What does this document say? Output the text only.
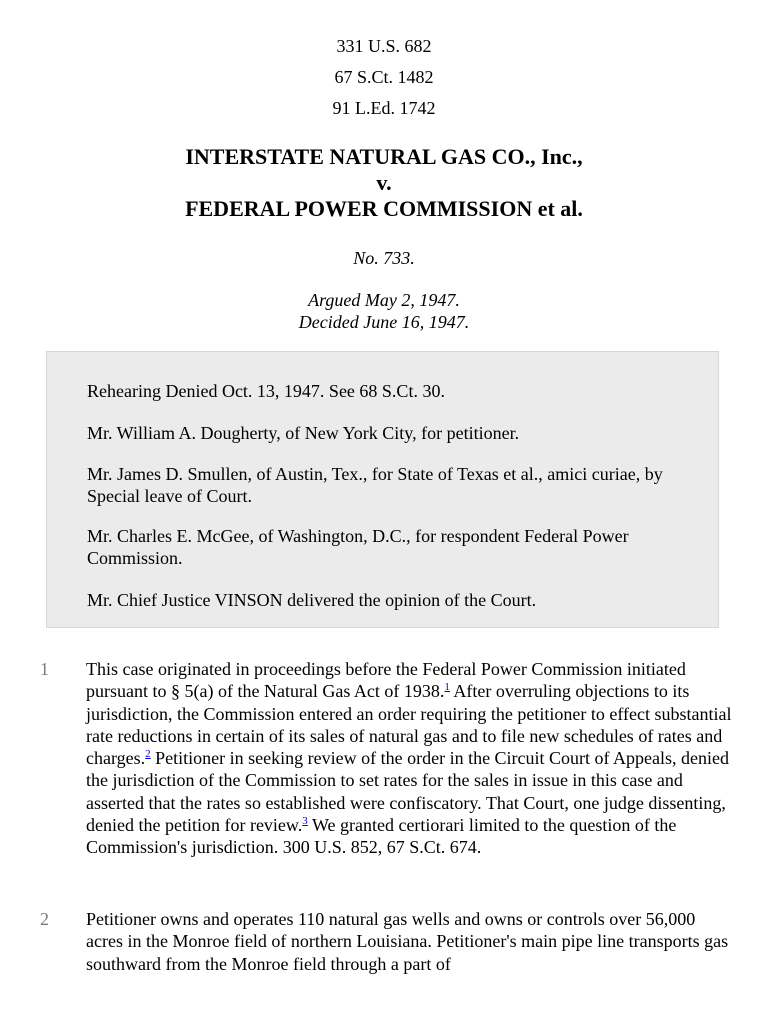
331 U.S. 682
67 S.Ct. 1482
91 L.Ed. 1742
INTERSTATE NATURAL GAS CO., Inc.,
v.
FEDERAL POWER COMMISSION et al.
No. 733.
Argued May 2, 1947.
Decided June 16, 1947.

Rehearing Denied Oct. 13, 1947. See 68 S.Ct. 30.

Mr. William A. Dougherty, of New York City, for petitioner.

Mr. James D. Smullen, of Austin, Tex., for State of Texas et al., amici curiae, by Special leave of Court.

Mr. Charles E. McGee, of Washington, D.C., for respondent Federal Power Commission.

Mr. Chief Justice VINSON delivered the opinion of the Court.

1	This case originated in proceedings before the Federal Power Commission initiated pursuant to § 5(a) of the Natural Gas Act of 1938.$^1$ After overruling objections to its jurisdiction, the Commission entered an order requiring the petitioner to effect substantial rate reductions in certain of its sales of natural gas and to file new schedules of rates and charges.$^2$ Petitioner in seeking review of the order in the Circuit Court of Appeals, denied the jurisdiction of the Commission to set rates for the sales in issue in this case and asserted that the rates so established were confiscatory. That Court, one judge dissenting, denied the petition for review.$^3$ We granted certiorari limited to the question of the Commission's jurisdiction. 300 U.S. 852, 67 S.Ct. 674.

2	Petitioner owns and operates 110 natural gas wells and owns or controls over 56,000 acres in the Monroe field of northern Louisiana. Petitioner's main pipe line transports gas southward from the Monroe field through a part of
